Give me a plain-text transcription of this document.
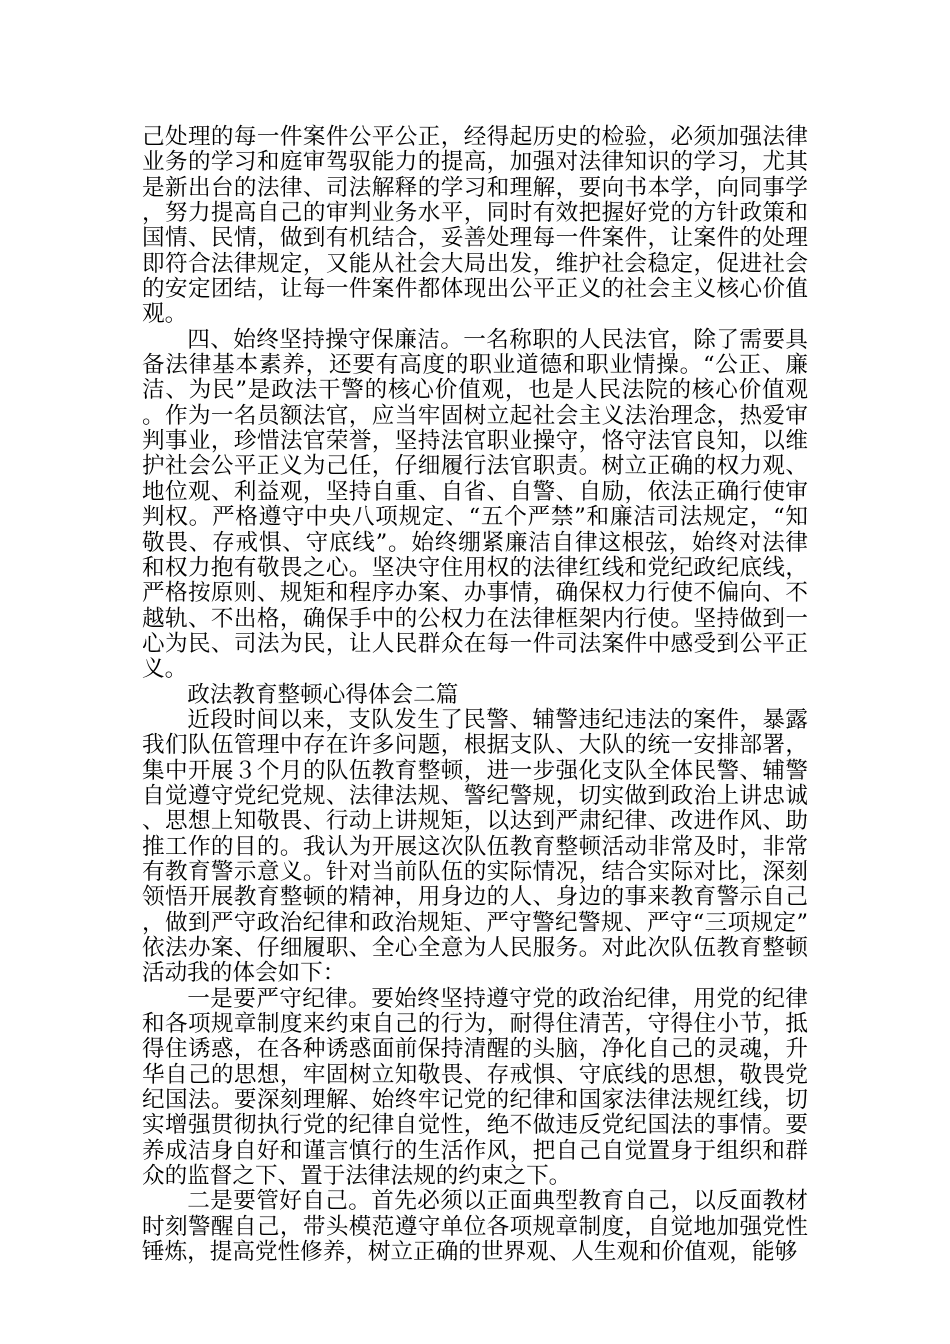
己处理的每一件案件公平公正，经得起历史的检验，必须加强法律业务的学习和庭审驾驭能力的提高，加强对法律知识的学习，尤其是新出台的法律、司法解释的学习和理解，要向书本学，向同事学，努力提高自己的审判业务水平，同时有效把握好党的方针政策和国情、民情，做到有机结合，妥善处理每一件案件，让案件的处理即符合法律规定，又能从社会大局出发，维护社会稳定，促进社会的安定团结，让每一件案件都体现出公平正义的社会主义核心价值观。

四、始终坚持操守保廉洁。一名称职的人民法官，除了需要具备法律基本素养，还要有高度的职业道德和职业情操。“公正、廉洁、为民”是政法干警的核心价值观，也是人民法院的核心价值观。作为一名员额法官，应当牢固树立起社会主义法治理念，热爱审判事业，珍惜法官荣誉，坚持法官职业操守，恪守法官良知，以维护社会公平正义为己任，仔细履行法官职责。树立正确的权力观、地位观、利益观，坚持自重、自省、自警、自励，依法正确行使审判权。严格遵守中央八项规定、“五个严禁”和廉洁司法规定，“知敬畏、存戒惧、守底线”。始终绷紧廉洁自律这根弦，始终对法律和权力抱有敬畏之心。坚决守住用权的法律红线和党纪政纪底线，严格按原则、规矩和程序办案、办事情，确保权力行使不偏向、不越轨、不出格，确保手中的公权力在法律框架内行使。坚持做到一心为民、司法为民，让人民群众在每一件司法案件中感受到公平正义。

政法教育整顿心得体会二篇

近段时间以来，支队发生了民警、辅警违纪违法的案件，暴露我们队伍管理中存在许多问题，根据支队、大队的统一安排部署，集中开展３个月的队伍教育整顿，进一步强化支队全体民警、辅警自觉遵守党纪党规、法律法规、警纪警规，切实做到政治上讲忠诚、思想上知敬畏、行动上讲规矩，以达到严肃纪律、改进作风、助推工作的目的。我认为开展这次队伍教育整顿活动非常及时，非常有教育警示意义。针对当前队伍的实际情况，结合实际对比，深刻领悟开展教育整顿的精神，用身边的人、身边的事来教育警示自己，做到严守政治纪律和政治规矩、严守警纪警规、严守“三项规定”依法办案、仔细履职、全心全意为人民服务。对此次队伍教育整顿活动我的体会如下：

一是要严守纪律。要始终坚持遵守党的政治纪律，用党的纪律和各项规章制度来约束自己的行为，耐得住清苦，守得住小节，抵得住诱惑，在各种诱惑面前保持清醒的头脑，净化自己的灵魂，升华自己的思想，牢固树立知敬畏、存戒惧、守底线的思想，敬畏党纪国法。要深刻理解、始终牢记党的纪律和国家法律法规红线，切实增强贯彻执行党的纪律自觉性，绝不做违反党纪国法的事情。要养成洁身自好和谨言慎行的生活作风，把自己自觉置身于组织和群众的监督之下、置于法律法规的约束之下。

二是要管好自己。首先必须以正面典型教育自己，以反面教材时刻警醒自己，带头模范遵守单位各项规章制度，自觉地加强党性锤炼，提高党性修养，树立正确的世界观、人生观和价值观，能够
